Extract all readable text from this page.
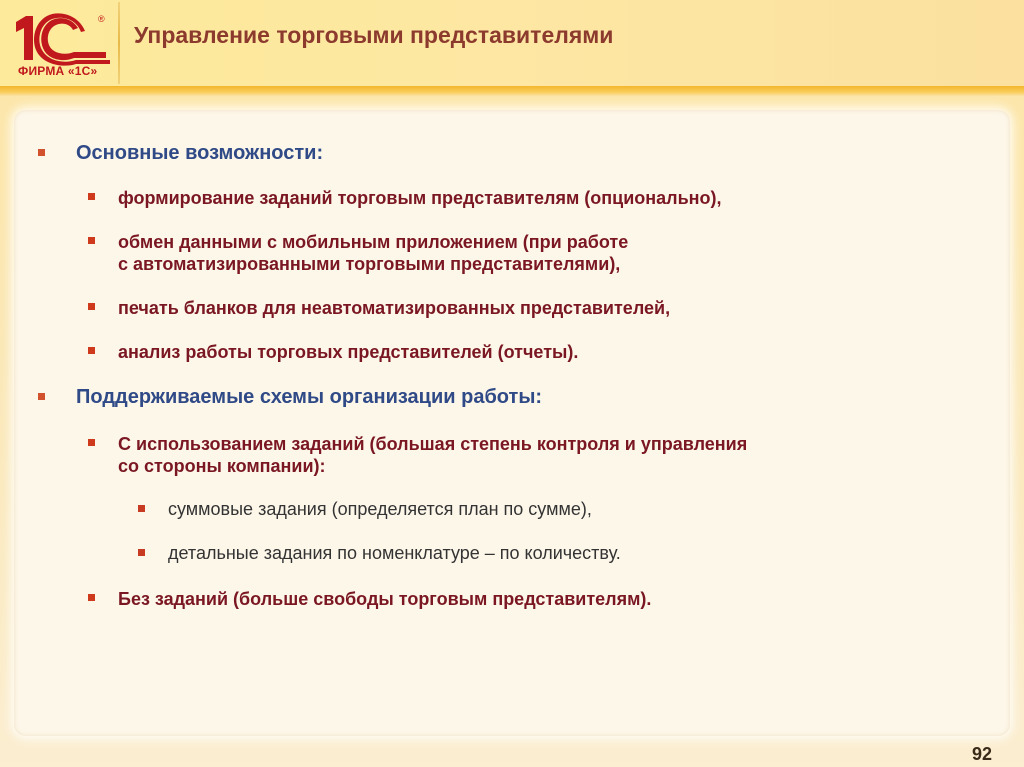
®
ФИРМА «1С»
Управление торговыми представителями
Основные возможности:
формирование заданий торговым представителям (опционально),
обмен данными с мобильным приложением (при работе
с автоматизированными торговыми представителями),
печать бланков для неавтоматизированных представителей,
анализ работы торговых представителей (отчеты).
Поддерживаемые схемы организации работы:
С использованием заданий (большая степень контроля и управления
со стороны компании):
суммовые задания (определяется план по сумме),
детальные задания по номенклатуре – по количеству.
Без заданий (больше свободы торговым представителям).
92
